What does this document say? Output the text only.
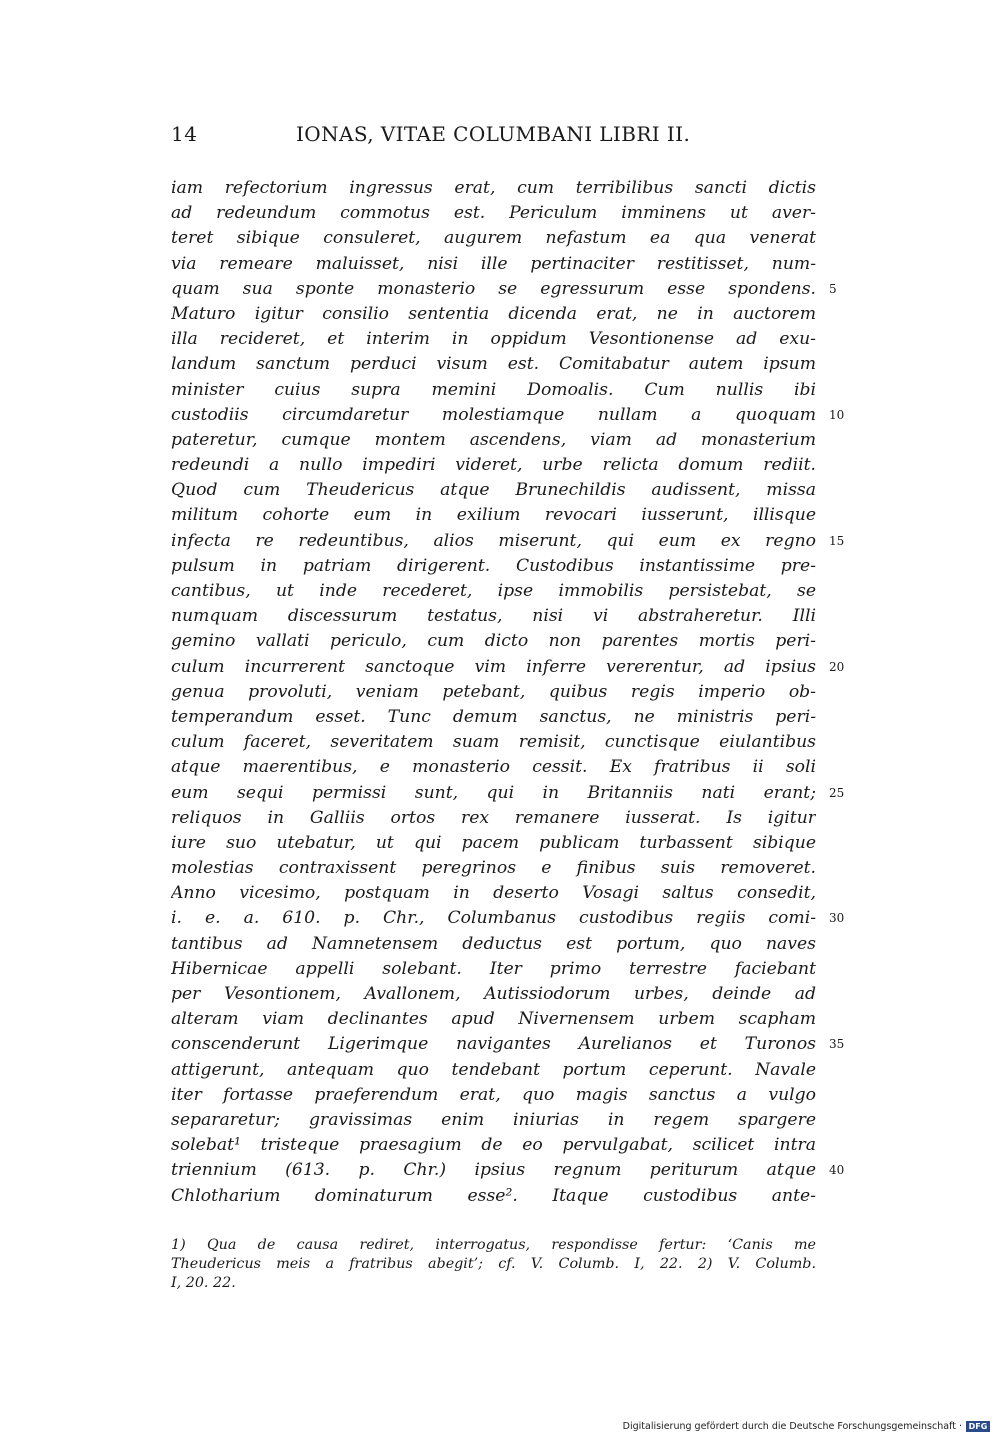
14	IONAS, VITAE COLUMBANI LIBRI II.
iam refectorium ingressus erat, cum terribilibus sancti dictis
ad redeundum commotus est. Periculum imminens ut aver-
teret sibique consuleret, augurem nefastum ea qua venerat
via remeare maluisset, nisi ille pertinaciter restitisset, num-
quam sua sponte monasterio se egressurum esse spondens. 5
Maturo igitur consilio sententia dicenda erat, ne in auctorem
illa recideret, et interim in oppidum Vesontionense ad exu-
landum sanctum perduci visum est. Comitabatur autem ipsum
minister cuius supra memini Domoalis. Cum nullis ibi
custodiis circumdaretur molestiamque nullam a quoquam 10
pateretur, cumque montem ascendens, viam ad monasterium
redeundi a nullo impediri videret, urbe relicta domum rediit.
Quod cum Theudericus atque Brunechildis audissent, missa
militum cohorte eum in exilium revocari iusserunt, illisque
infecta re redeuntibus, alios miserunt, qui eum ex regno 15
pulsum in patriam dirigerent. Custodibus instantissime pre-
cantibus, ut inde recederet, ipse immobilis persistebat, se
numquam discessurum testatus, nisi vi abstraheretur. Illi
gemino vallati periculo, cum dicto non parentes mortis peri-
culum incurrerent sanctoque vim inferre vererentur, ad ipsius 20
genua provoluti, veniam petebant, quibus regis imperio ob-
temperandum esset. Tunc demum sanctus, ne ministris peri-
culum faceret, severitatem suam remisit, cunctisque eiulantibus
atque maerentibus, e monasterio cessit. Ex fratribus ii soli
eum sequi permissi sunt, qui in Britanniis nati erant; 25
reliquos in Galliis ortos rex remanere iusserat. Is igitur
iure suo utebatur, ut qui pacem publicam turbassent sibique
molestias contraxissent peregrinos e finibus suis removeret.
Anno vicesimo, postquam in deserto Vosagi saltus consedit,
i. e. a. 610. p. Chr., Columbanus custodibus regiis comi- 30
tantibus ad Namnetensem deductus est portum, quo naves
Hibernicae appelli solebant. Iter primo terrestre faciebant
per Vesontionem, Avallonem, Autissiodorum urbes, deinde ad
alteram viam declinantes apud Nivernensem urbem scapham
conscenderunt Ligerimque navigantes Aurelianos et Turonos 35
attigerunt, antequam quo tendebant portum ceperunt. Navale
iter fortasse praeferendum erat, quo magis sanctus a vulgo
separaretur; gravissimas enim iniurias in regem spargere
solebat¹ tristeque praesagium de eo pervulgabat, scilicet intra
triennium (613. p. Chr.) ipsius regnum periturum atque 40
Chlotharium dominaturum esse². Itaque custodibus ante-
1) Qua de causa rediret, interrogatus, respondisse fertur: ‘Canis me
Theudericus meis a fratribus abegit’; cf. V. Columb. I, 22. 2) V. Columb.
I, 20. 22.
Digitalisierung gefördert durch die Deutsche Forschungsgemeinschaft · DFG
